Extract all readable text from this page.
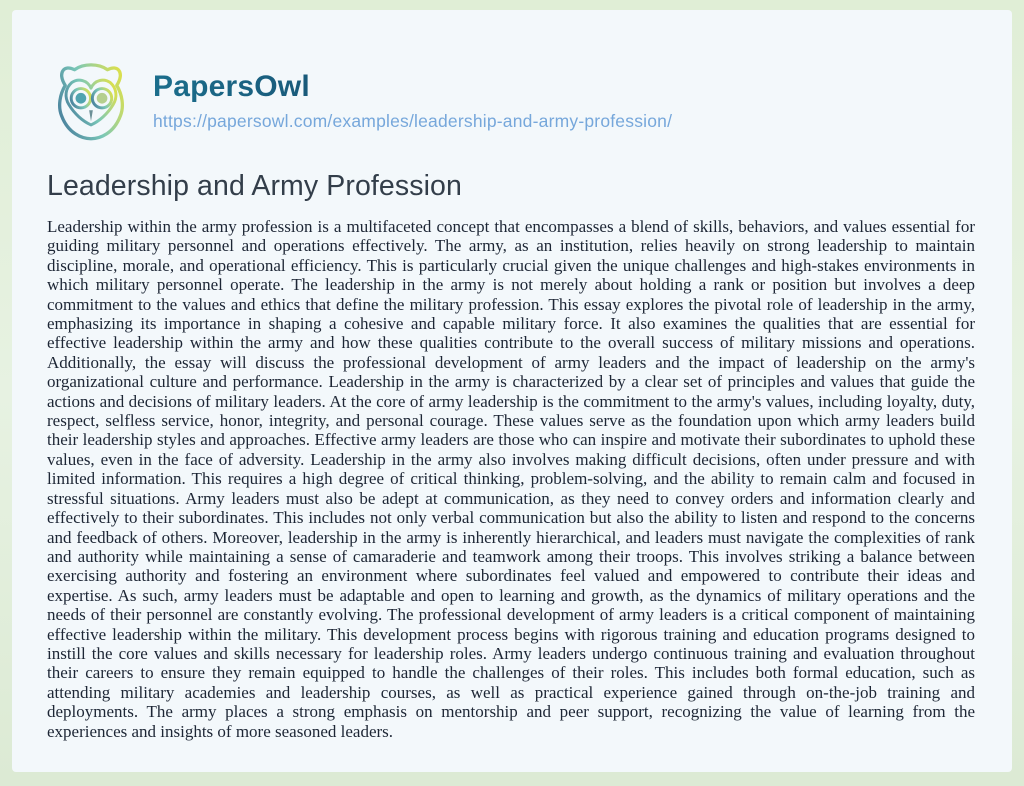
PapersOwl
https://papersowl.com/examples/leadership-and-army-profession/
Leadership and Army Profession

Leadership within the army profession is a multifaceted concept that encompasses a blend of skills, behaviors, and values essential for guiding military personnel and operations effectively. The army, as an institution, relies heavily on strong leadership to maintain discipline, morale, and operational efficiency. This is particularly crucial given the unique challenges and high-stakes environments in which military personnel operate. The leadership in the army is not merely about holding a rank or position but involves a deep commitment to the values and ethics that define the military profession. This essay explores the pivotal role of leadership in the army, emphasizing its importance in shaping a cohesive and capable military force. It also examines the qualities that are essential for effective leadership within the army and how these qualities contribute to the overall success of military missions and operations. Additionally, the essay will discuss the professional development of army leaders and the impact of leadership on the army's organizational culture and performance. Leadership in the army is characterized by a clear set of principles and values that guide the actions and decisions of military leaders. At the core of army leadership is the commitment to the army's values, including loyalty, duty, respect, selfless service, honor, integrity, and personal courage. These values serve as the foundation upon which army leaders build their leadership styles and approaches. Effective army leaders are those who can inspire and motivate their subordinates to uphold these values, even in the face of adversity. Leadership in the army also involves making difficult decisions, often under pressure and with limited information. This requires a high degree of critical thinking, problem-solving, and the ability to remain calm and focused in stressful situations. Army leaders must also be adept at communication, as they need to convey orders and information clearly and effectively to their subordinates. This includes not only verbal communication but also the ability to listen and respond to the concerns and feedback of others. Moreover, leadership in the army is inherently hierarchical, and leaders must navigate the complexities of rank and authority while maintaining a sense of camaraderie and teamwork among their troops. This involves striking a balance between exercising authority and fostering an environment where subordinates feel valued and empowered to contribute their ideas and expertise. As such, army leaders must be adaptable and open to learning and growth, as the dynamics of military operations and the needs of their personnel are constantly evolving. The professional development of army leaders is a critical component of maintaining effective leadership within the military. This development process begins with rigorous training and education programs designed to instill the core values and skills necessary for leadership roles. Army leaders undergo continuous training and evaluation throughout their careers to ensure they remain equipped to handle the challenges of their roles. This includes both formal education, such as attending military academies and leadership courses, as well as practical experience gained through on-the-job training and deployments. The army places a strong emphasis on mentorship and peer support, recognizing the value of learning from the experiences and insights of more seasoned leaders.
